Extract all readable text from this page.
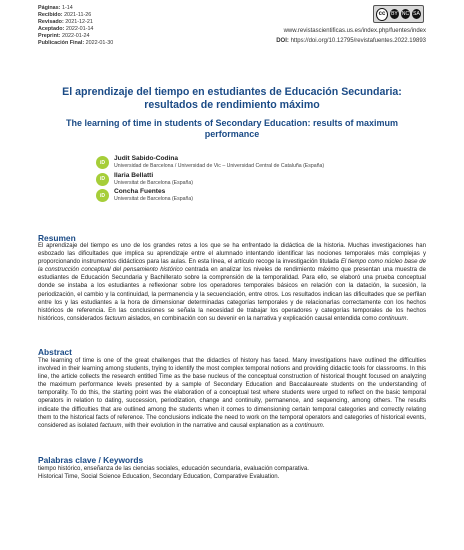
Páginas: 1-14
Recibido: 2021-11-26
Revisado: 2021-12-21
Aceptado: 2022-01-14
Preprint: 2022-01-24
Publicación Final: 2022-01-30
cc	BY NC SA
www.revistascientificas.us.es/index.php/fuentes/index
DOI: https://doi.org/10.12795/revistafuentes.2022.19893
El aprendizaje del tiempo en estudiantes de Educación Secundaria: resultados de rendimiento máximo
The learning of time in students of Secondary Education: results of maximum performance
iD
Judit Sabido-Codina
Universidad de Barcelona / Universidad de Vic – Universidad Central de Cataluña (España)
iD
Ilaria Bellatti
Universitat de Barcelona (España)
iD
Concha Fuentes
Universitat de Barcelona (España)
Resumen

El aprendizaje del tiempo es uno de los grandes retos a los que se ha enfrentado la didáctica de la historia. Muchas investigaciones han esbozado las dificultades que implica su aprendizaje entre el alumnado intentando identificar las nociones temporales más complejas y proporcionando instrumentos didácticos para las aulas. En esta línea, el artículo recoge la investigación titulada El tiempo como núcleo base de la construcción conceptual del pensamiento histórico centrada en analizar los niveles de rendimiento máximo que presentan una muestra de estudiantes de Educación Secundaria y Bachillerato sobre la comprensión de la temporalidad. Para ello, se elaboró una prueba conceptual donde se instaba a los estudiantes a reflexionar sobre los operadores temporales básicos en relación con la datación, la sucesión, la periodización, el cambio y la continuidad, la permanencia y la secuenciación, entre otros. Los resultados indican las dificultades que se perfilan entre los y las estudiantes a la hora de dimensionar determinadas categorías temporales y de relacionarlas correctamente con los hechos históricos de referencia. En las conclusiones se señala la necesidad de trabajar los operadores y categorías temporales de los hechos históricos, considerados factuum aislados, en combinación con su devenir en la narrativa y explicación causal entendida como continuum.

Abstract

The learning of time is one of the great challenges that the didactics of history has faced. Many investigations have outlined the difficulties involved in their learning among students, trying to identify the most complex temporal notions and providing didactic tools for classrooms. In this line, the article collects the research entitled Time as the base nucleus of the conceptual construction of historical thought focused on analyzing the maximum performance levels presented by a sample of Secondary Education and Baccalaureate students on the understanding of temporality. To do this, the starting point was the elaboration of a conceptual test where students were urged to reflect on the basic temporal operators in relation to dating, succession, periodization, change and continuity, permanence, and sequencing, among others. The results indicate the difficulties that are outlined among the students when it comes to dimensioning certain temporal categories and correctly relating them to the historical facts of reference. The conclusions indicate the need to work on the temporal operators and categories of historical events, considered as isolated factuum, with their evolution in the narrative and causal explanation as a continuum.

Palabras clave / Keywords

tiempo histórico, enseñanza de las ciencias sociales, educación secundaria, evaluación comparativa.

Historical Time, Social Science Education, Secondary Education, Comparative Evaluation.
